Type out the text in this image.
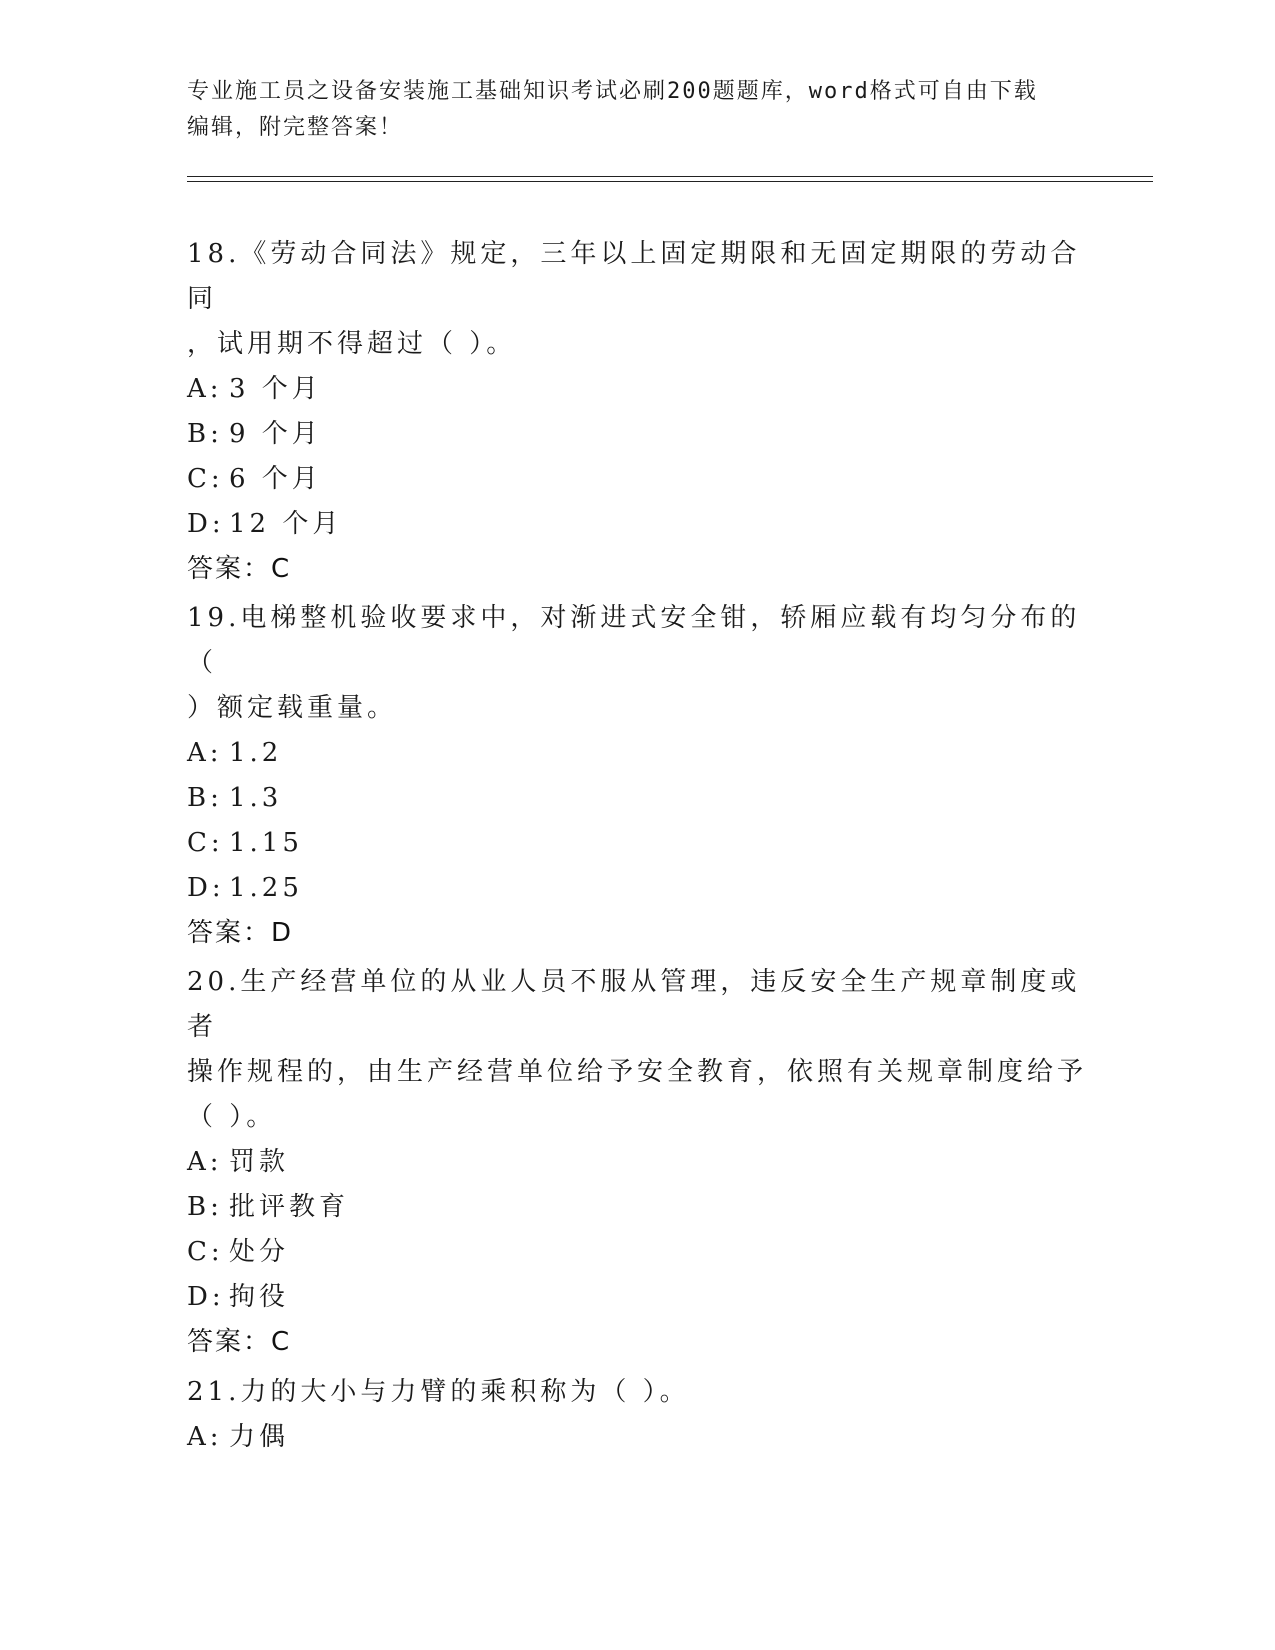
专业施工员之设备安装施工基础知识考试必刷200题题库，word格式可自由下载
编辑，附完整答案！

18.《劳动合同法》规定，三年以上固定期限和无固定期限的劳动合同

，试用期不得超过（ ）。

A: 3 个月

B: 9 个月

C: 6 个月

D: 12 个月

答案：C

19.电梯整机验收要求中，对渐进式安全钳，轿厢应载有均匀分布的（

）额定载重量。

A: 1.2

B: 1.3

C: 1.15

D: 1.25

答案：D

20.生产经营单位的从业人员不服从管理，违反安全生产规章制度或者

操作规程的，由生产经营单位给予安全教育，依照有关规章制度给予

（ ）。

A: 罚款

B: 批评教育

C: 处分

D: 拘役

答案：C

21.力的大小与力臂的乘积称为（ ）。

A: 力偶
